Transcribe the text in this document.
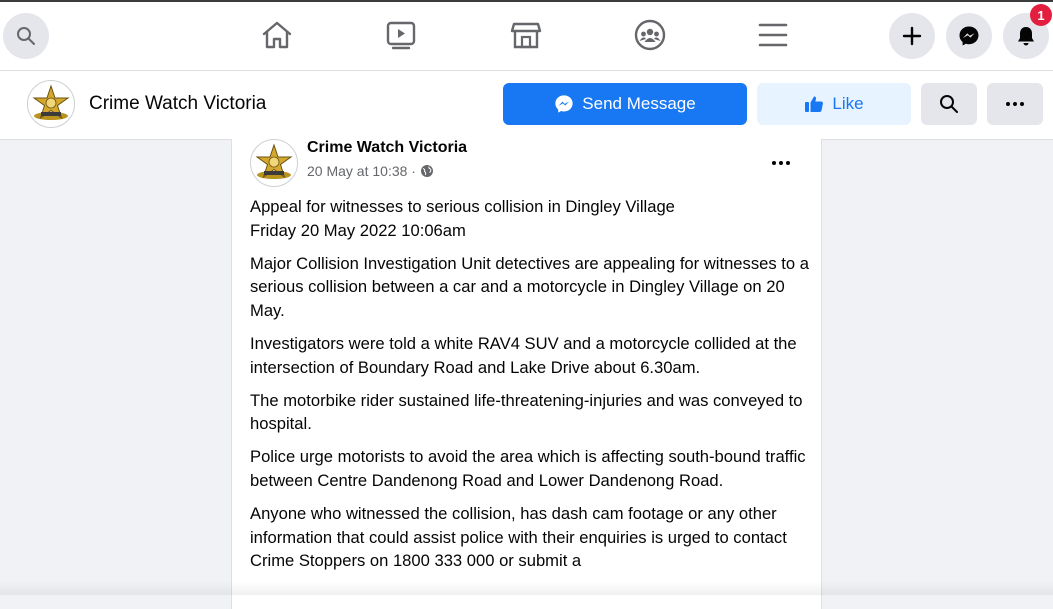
1
Crime Watch Victoria	Send Message	Like
Crime Watch Victoria
20 May at 10:38 ·

Appeal for witnesses to serious collision in Dingley Village
Friday 20 May 2022 10:06am

Major Collision Investigation Unit detectives are appealing for witnesses to a serious collision between a car and a motorcycle in Dingley Village on 20 May.

Investigators were told a white RAV4 SUV and a motorcycle collided at the intersection of Boundary Road and Lake Drive about 6.30am.

The motorbike rider sustained life-threatening-injuries and was conveyed to hospital.

Police urge motorists to avoid the area which is affecting south-bound traffic between Centre Dandenong Road and Lower Dandenong Road.

Anyone who witnessed the collision, has dash cam footage or any other information that could assist police with their enquiries is urged to contact Crime Stoppers on 1800 333 000 or submit a
